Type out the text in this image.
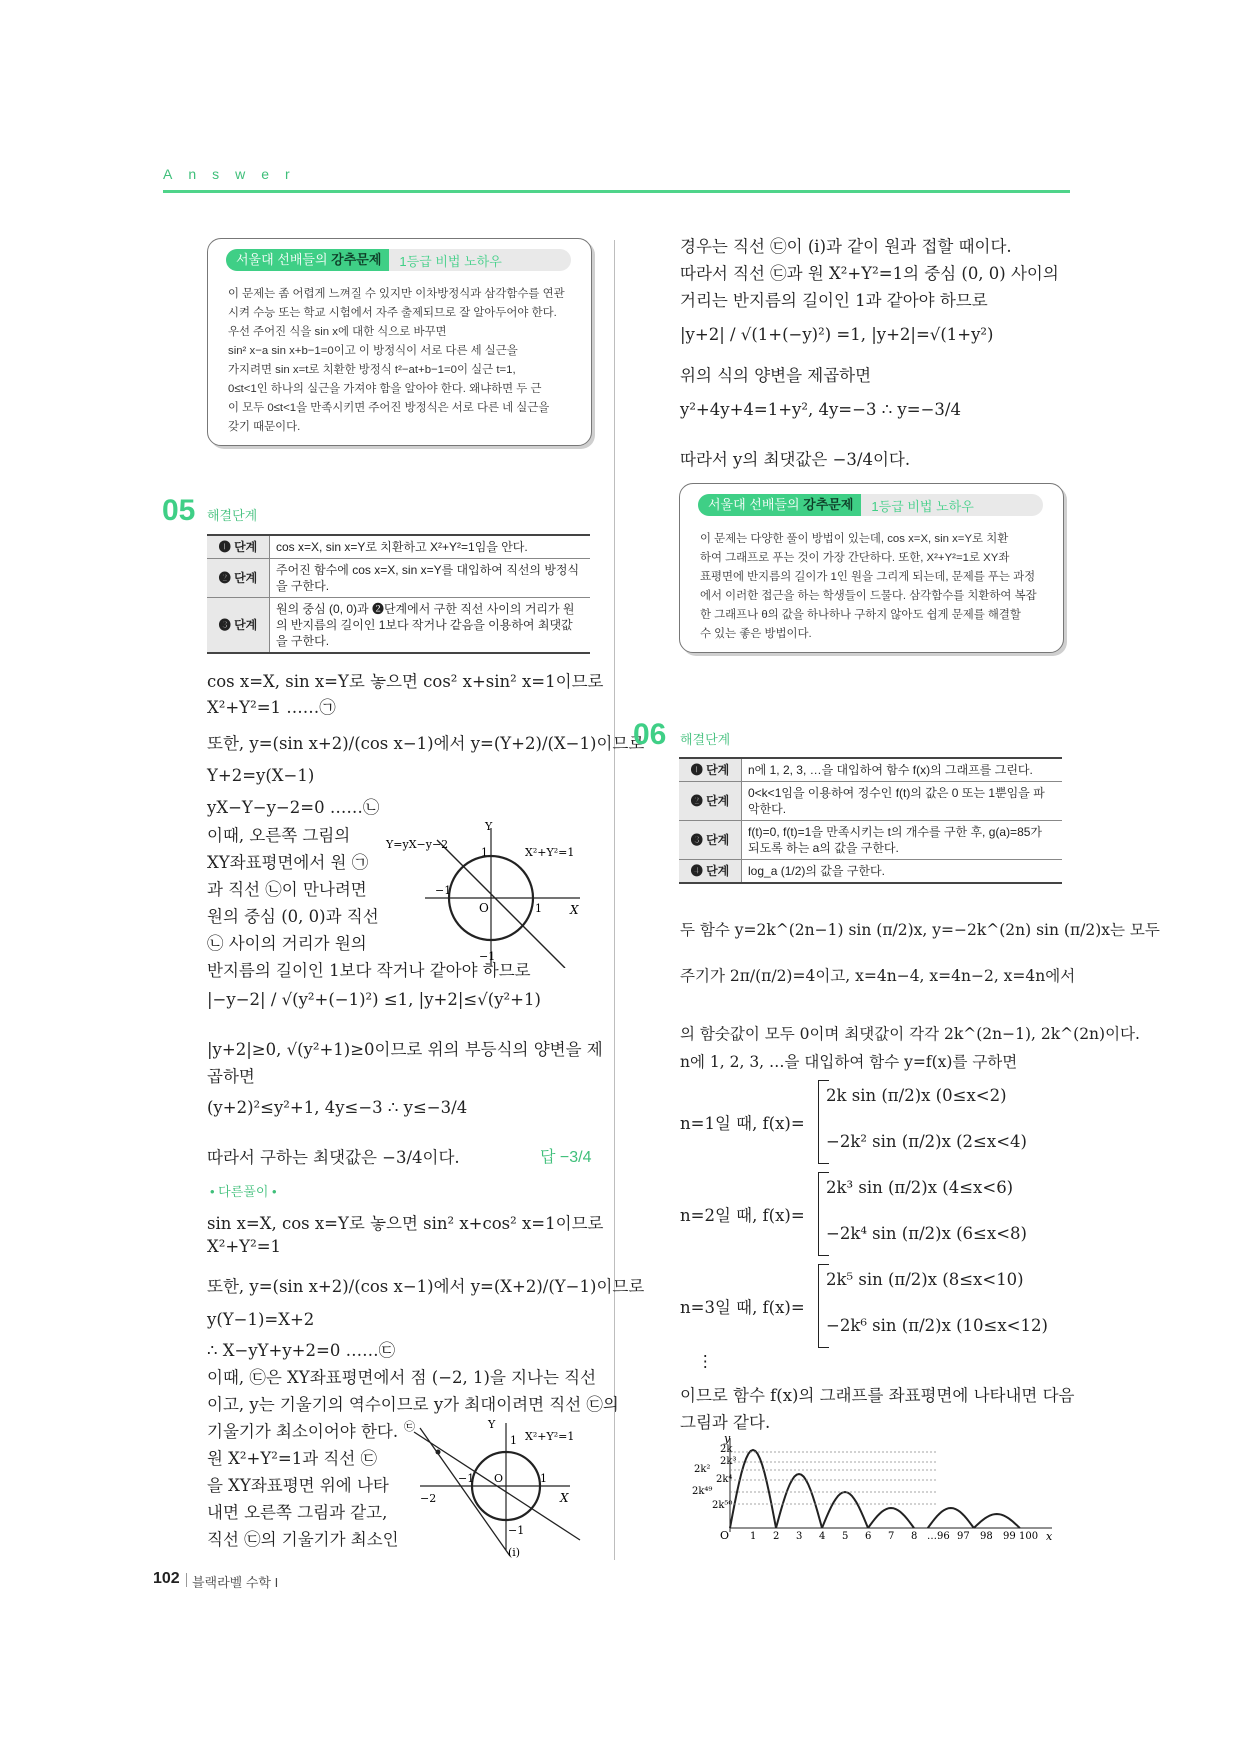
Answer
서울대 선배들의 강추문제	1등급 비법 노하우
이 문제는 좀 어렵게 느껴질 수 있지만 이차방정식과 삼각함수를 연관
시켜 수능 또는 학교 시험에서 자주 출제되므로 잘 알아두어야 한다.
우선 주어진 식을 sin x에 대한 식으로 바꾸면
sin² x−a sin x+b−1=0이고 이 방정식이 서로 다른 세 실근을
가지려면 sin x=t로 치환한 방정식 t²−at+b−1=0이 실근 t=1,
0≤t<1인 하나의 실근을 가져야 함을 알아야 한다. 왜냐하면 두 근
이 모두 0≤t<1을 만족시키면 주어진 방정식은 서로 다른 네 실근을
갖기 때문이다.
05 해결단계
❶ 단계	cos x=X, sin x=Y로 치환하고 X²+Y²=1임을 안다.
❷ 단계	주어진 함수에 cos x=X, sin x=Y를 대입하여 직선의 방정식을 구한다.
❸ 단계	원의 중심 (0, 0)과 ❷단계에서 구한 직선 사이의 거리가 원의 반지름의 길이인 1보다 작거나 같음을 이용하여 최댓값을 구한다.
cos x=X, sin x=Y로 놓으면 cos² x+sin² x=1이므로
X²+Y²=1 ……㉠
또한, y=(sin x+2)/(cos x−1)에서 y=(Y+2)/(X−1)이므로
Y+2=y(X−1)
yX−Y−y−2=0 ……㉡
이때, 오른쪽 그림의
XY좌표평면에서 원 ㉠
과 직선 ㉡이 만나려면
원의 중심 (0, 0)과 직선
㉡ 사이의 거리가 원의
반지름의 길이인 1보다 작거나 같아야 하므로
|−y−2| / √(y²+(−1)²) ≤1, |y+2|≤√(y²+1)
|y+2|≥0, √(y²+1)≥0이므로 위의 부등식의 양변을 제
곱하면
(y+2)²≤y²+1, 4y≤−3 ∴ y≤−3/4
따라서 구하는 최댓값은 −3/4이다.	답 −3/4
Y=yX−y−2
X²+Y²=1
Y
X
O	1
−1
1
−1
• 다른풀이 •
sin x=X, cos x=Y로 놓으면 sin² x+cos² x=1이므로
X²+Y²=1
또한, y=(sin x+2)/(cos x−1)에서 y=(X+2)/(Y−1)이므로
y(Y−1)=X+2
∴ X−yY+y+2=0 ……㉢
이때, ㉢은 XY좌표평면에서 점 (−2, 1)을 지나는 직선
이고, y는 기울기의 역수이므로 y가 최대이려면 직선 ㉢의
기울기가 최소이어야 한다.
원 X²+Y²=1과 직선 ㉢
을 XY좌표평면 위에 나타
내면 오른쪽 그림과 같고,
직선 ㉢의 기울기가 최소인
㉢
X²+Y²=1
Y
X
O
1
1
−1
−2
−1
(i)
경우는 직선 ㉢이 (i)과 같이 원과 접할 때이다.
따라서 직선 ㉢과 원 X²+Y²=1의 중심 (0, 0) 사이의
거리는 반지름의 길이인 1과 같아야 하므로
|y+2| / √(1+(−y)²) =1, |y+2|=√(1+y²)
위의 식의 양변을 제곱하면
y²+4y+4=1+y², 4y=−3 ∴ y=−3/4
따라서 y의 최댓값은 −3/4이다.
서울대 선배들의 강추문제	1등급 비법 노하우
이 문제는 다양한 풀이 방법이 있는데, cos x=X, sin x=Y로 치환
하여 그래프로 푸는 것이 가장 간단하다. 또한, X²+Y²=1로 XY좌
표평면에 반지름의 길이가 1인 원을 그리게 되는데, 문제를 푸는 과정
에서 이러한 접근을 하는 학생들이 드물다. 삼각함수를 치환하여 복잡
한 그래프나 θ의 값을 하나하나 구하지 않아도 쉽게 문제를 해결할
수 있는 좋은 방법이다.
06 해결단계
❶ 단계	n에 1, 2, 3, …을 대입하여 함수 f(x)의 그래프를 그린다.
❷ 단계	0<k<1임을 이용하여 정수인 f(t)의 값은 0 또는 1뿐임을 파악한다.
❸ 단계	f(t)=0, f(t)=1을 만족시키는 t의 개수를 구한 후, g(a)=85가 되도록 하는 a의 값을 구한다.
❹ 단계	log_a (1/2)의 값을 구한다.
두 함수 y=2k^(2n−1) sin (π/2)x, y=−2k^(2n) sin (π/2)x는 모두
주기가 2π/(π/2)=4이고, x=4n−4, x=4n−2, x=4n에서
의 함숫값이 모두 0이며 최댓값이 각각 2k^(2n−1), 2k^(2n)이다.
n에 1, 2, 3, …을 대입하여 함수 y=f(x)를 구하면
n=1일 때, f(x)=
2k sin (π/2)x (0≤x<2)
−2k² sin (π/2)x (2≤x<4)
n=2일 때, f(x)=
2k³ sin (π/2)x (4≤x<6)
−2k⁴ sin (π/2)x (6≤x<8)
n=3일 때, f(x)=
2k⁵ sin (π/2)x (8≤x<10)
−2k⁶ sin (π/2)x (10≤x<12)
⋮
이므로 함수 f(x)의 그래프를 좌표평면에 나타내면 다음
그림과 같다.
y
x
O
2k
2k³
2k²
2k⁴
2k⁴⁹
2k⁵⁰
1 2 3 4 5 6 7 8 …96 97 98 99 100
102 블랙라벨 수학 I
